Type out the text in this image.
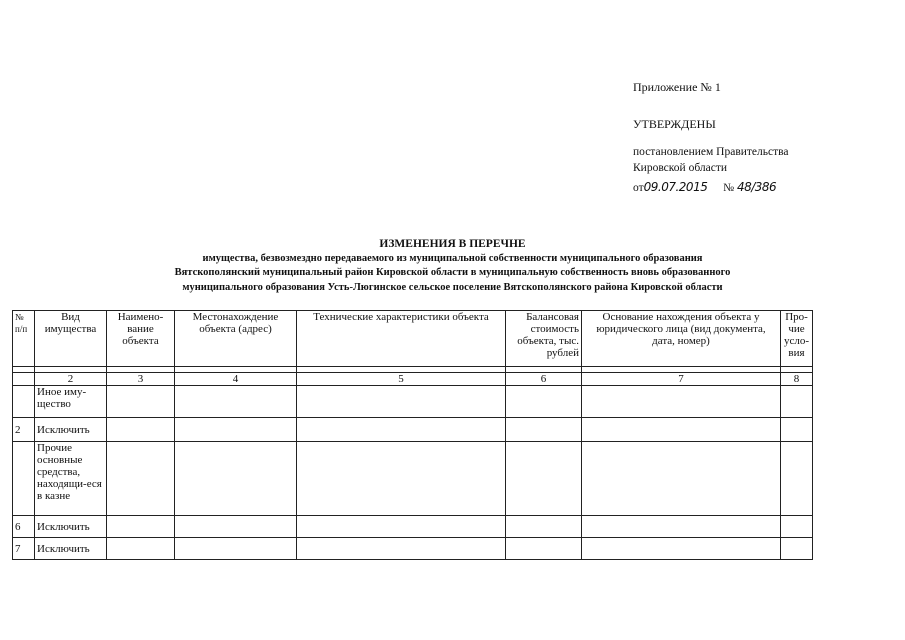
Приложение № 1
УТВЕРЖДЕНЫ
постановлением Правительства
Кировской области
от09.07.2015 № 48/386
ИЗМЕНЕНИЯ В ПЕРЕЧНЕ
имущества, безвозмездно передаваемого из муниципальной собственности муниципального образования
Вятскополянский муниципальный район Кировской области в муниципальную собственность вновь образованного
муниципального образования Усть-Люгинское сельское поселение Вятскополянского района Кировской области
№ п/п	Вид имущества	Наимено-вание объекта	Местонахождение объекта (адрес)	Технические характеристики объекта	Балансовая стоимость объекта, тыс. рублей	Основание нахождения объекта у юридического лица (вид документа, дата, номер)	Про-чие усло-вия

	2	3	4	5	6	7	8
	Иное иму-щество						
2	Исключить						
	Прочие основные средства, находящи-еся в казне						
6	Исключить						
7	Исключить						
